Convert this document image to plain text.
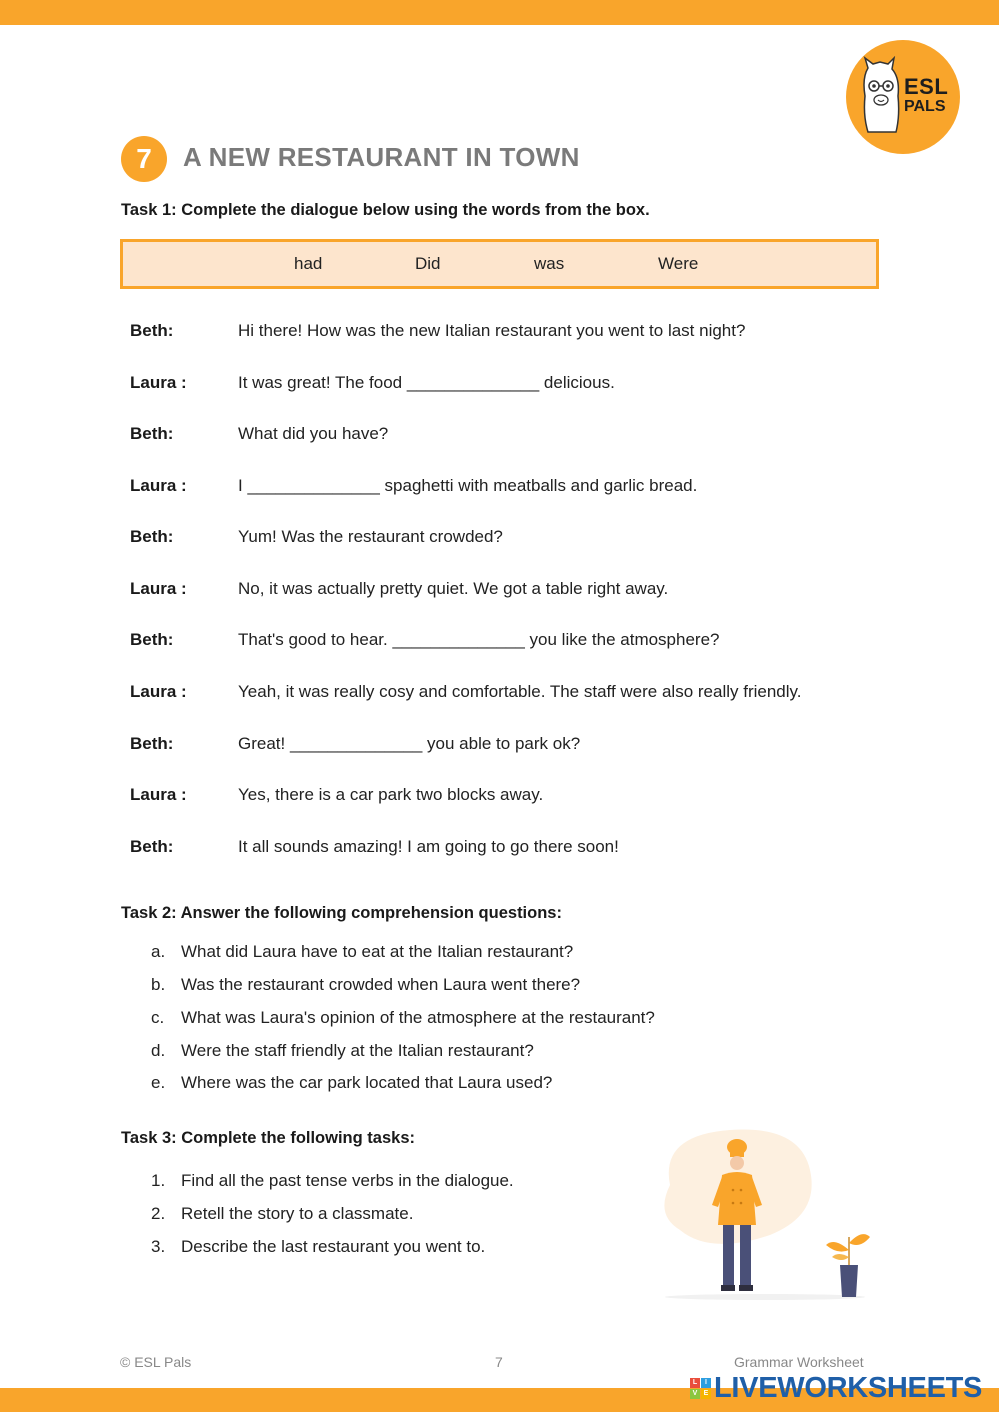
ESL
PALS
7	A NEW RESTAURANT IN TOWN
Task 1: Complete the dialogue below using the words from the box.
had	Did	was	Were
Beth:	Hi there! How was the new Italian restaurant you went to last night?
Laura :	It was great! The food ______________ delicious.
Beth:	What did you have?
Laura :	I ______________ spaghetti with meatballs and garlic bread.
Beth:	Yum! Was the restaurant crowded?
Laura :	No, it was actually pretty quiet. We got a table right away.
Beth:	That's good to hear. ______________ you like the atmosphere?
Laura :	Yeah, it was really cosy and comfortable. The staff were also really friendly.
Beth:	Great! ______________ you able to park ok?
Laura :	Yes, there is a car park two blocks away.
Beth:	It all sounds amazing! I am going to go there soon!
Task 2: Answer the following comprehension questions:
a. What did Laura have to eat at the Italian restaurant?
b. Was the restaurant crowded when Laura went there?
c. What was Laura's opinion of the atmosphere at the restaurant?
d. Were the staff friendly at the Italian restaurant?
e. Where was the car park located that Laura used?
Task 3: Complete the following tasks:
1. Find all the past tense verbs in the dialogue.
2. Retell the story to a classmate.
3. Describe the last restaurant you went to.
© ESL Pals	7	Grammar Worksheet
L	I
V E LIVEWORKSHEETS
